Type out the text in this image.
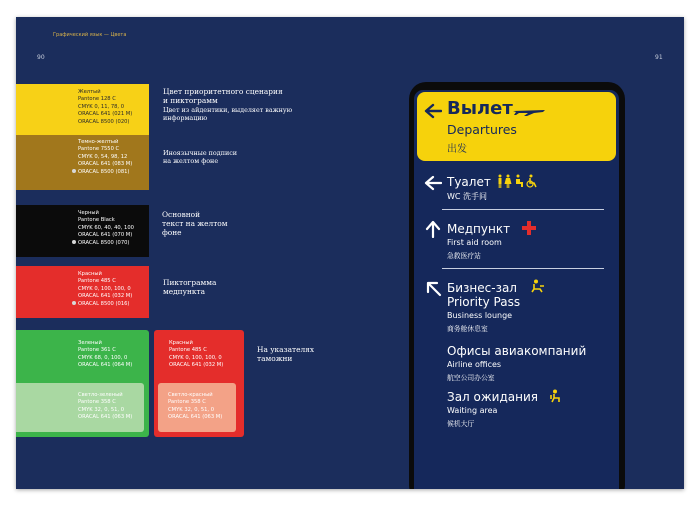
Графический язык — Цвета
90	91
Желтый
Pantone 128 C
CMYK 0, 11, 78, 0
ORACAL 641 (021 M)
ORACAL 8500 (020)
Темно-желтый
Pantone 7550 C
CMYK 0, 54, 98, 12
ORACAL 641 (083 M)
ORACAL 8500 (081)
Черный
Pantone Black
CMYK 60, 40, 40, 100
ORACAL 641 (070 M)
ORACAL 8500 (070)
Красный
Pantone 485 C
CMYK 0, 100, 100, 0
ORACAL 641 (032 M)
ORACAL 8500 (016)
Зеленый
Pantone 361 C
CMYK 68, 0, 100, 0
ORACAL 641 (064 M)
Светло-зеленый
Pantone 358 C
CMYK 32, 0, 51, 0
ORACAL 641 (063 M)
Красный
Pantone 485 C
CMYK 0, 100, 100, 0
ORACAL 641 (032 M)
Светло-красный
Pantone 358 C
CMYK 32, 0, 51, 0
ORACAL 641 (063 M)
Цвет приоритетного сценария
и пиктограмм
Цвет из айдентики, выделяет важную
информацию
Иноязычные подписи
на желтом фоне
Основной
текст на желтом
фоне
Пиктограмма
медпункта
На указателях
таможни
Вылет
Departures
出发
Туалет
WC 洗手间
Медпункт
First aid room
急救医疗站
Бизнес-зал
Priority Pass
Business lounge
商务舱休息室
Офисы авиакомпаний
Airline offices
航空公司办公室
Зал ожидания
Waiting area
候机大厅
